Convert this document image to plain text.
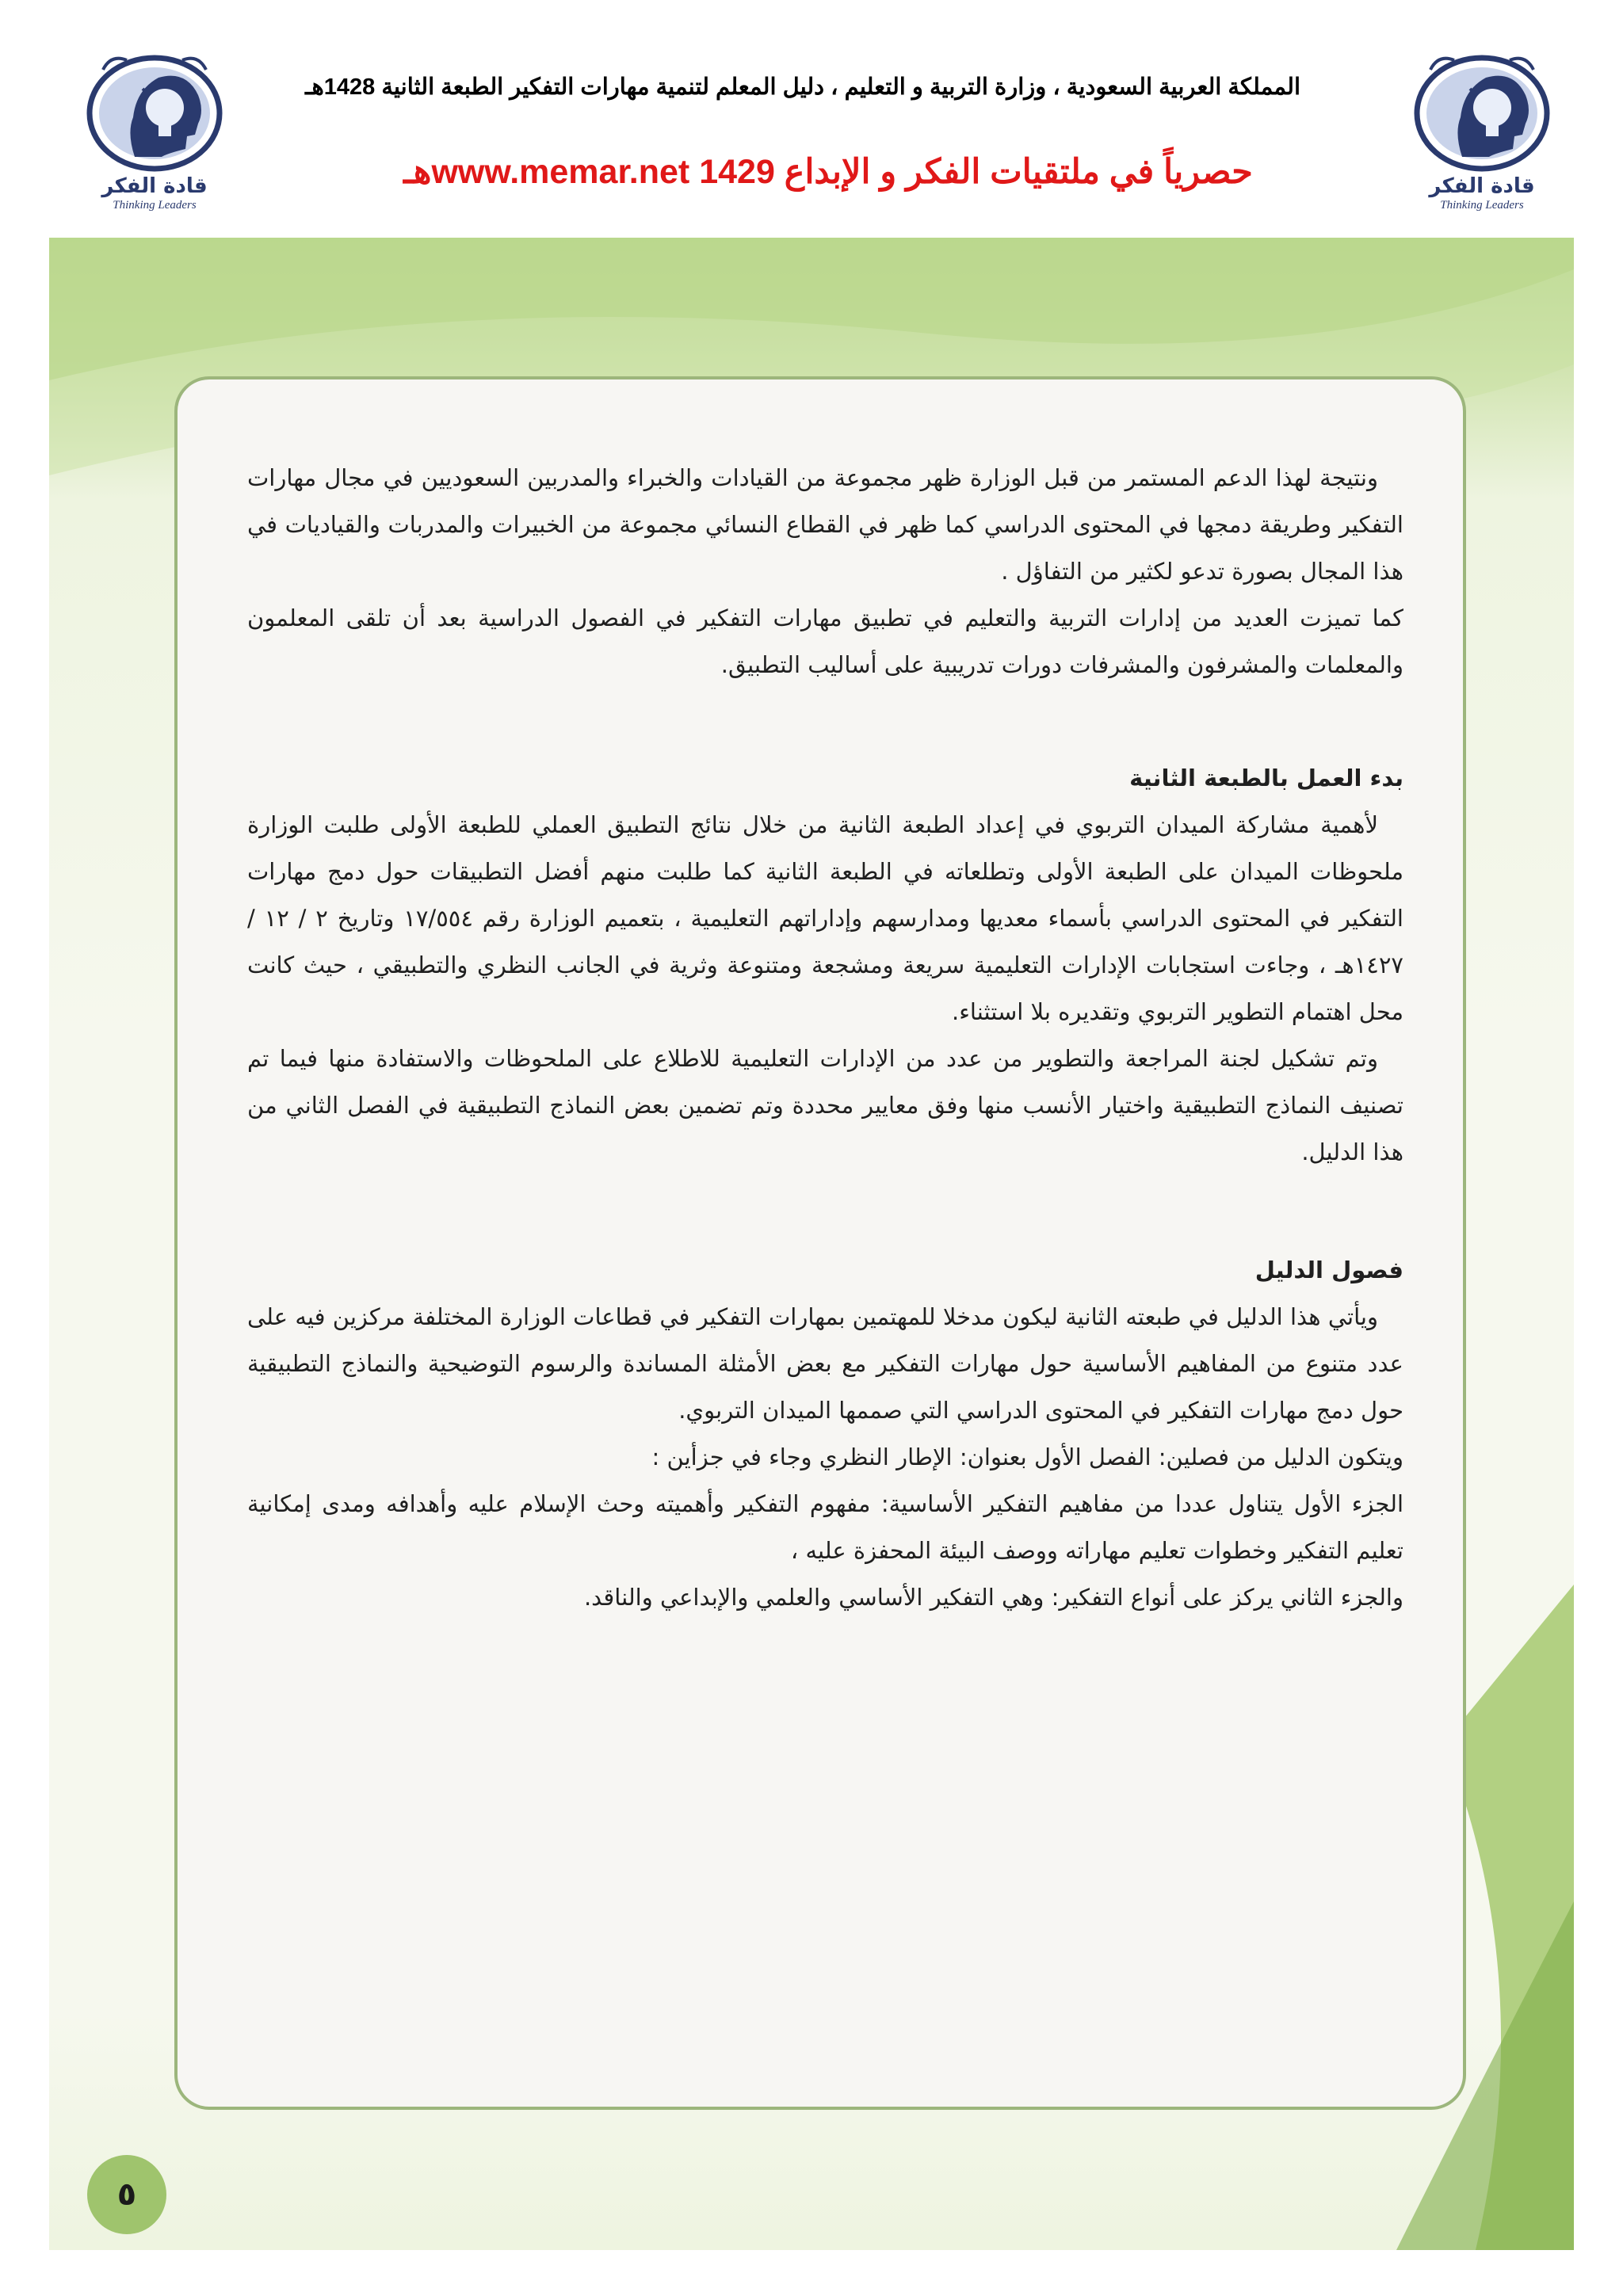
قادة الفكر
Thinking Leaders
قادة الفكر
Thinking Leaders
المملكة العربية السعودية ، وزارة التربية و التعليم ، دليل المعلم لتنمية مهارات التفكير الطبعة الثانية 1428هـ
حصرياً في ملتقيات الفكر و الإبداع www.memar.net 1429هـ

ونتيجة لهذا الدعم المستمر من قبل الوزارة ظهر مجموعة من القيادات والخبراء والمدربين السعوديين في مجال مهارات التفكير وطريقة دمجها في المحتوى الدراسي كما ظهر في القطاع النسائي مجموعة من الخبيرات والمدربات والقياديات في هذا المجال بصورة تدعو لكثير من التفاؤل .

كما تميزت العديد من إدارات التربية والتعليم في تطبيق مهارات التفكير في الفصول الدراسية بعد أن تلقى المعلمون والمعلمات والمشرفون والمشرفات دورات تدريبية على أساليب التطبيق.

بدء العمل بالطبعة الثانية

لأهمية مشاركة الميدان التربوي في إعداد الطبعة الثانية من خلال نتائج التطبيق العملي للطبعة الأولى طلبت الوزارة ملحوظات الميدان على الطبعة الأولى وتطلعاته في الطبعة الثانية كما طلبت منهم أفضل التطبيقات حول دمج مهارات التفكير في المحتوى الدراسي بأسماء معديها ومدارسهم وإداراتهم التعليمية ، بتعميم الوزارة رقم ١٧/٥٥٤ وتاريخ ٢ / ١٢ /١٤٢٧هـ ، وجاءت استجابات الإدارات التعليمية سريعة ومشجعة ومتنوعة وثرية في الجانب النظري والتطبيقي ، حيث كانت محل اهتمام التطوير التربوي وتقديره بلا استثناء.

وتم تشكيل لجنة المراجعة والتطوير من عدد من الإدارات التعليمية للاطلاع على الملحوظات والاستفادة منها فيما تم تصنيف النماذج التطبيقية واختيار الأنسب منها وفق معايير محددة وتم تضمين بعض النماذج التطبيقية في الفصل الثاني من هذا الدليل.

فصول الدليل

ويأتي هذا الدليل في طبعته الثانية ليكون مدخلا للمهتمين بمهارات التفكير في قطاعات الوزارة المختلفة مركزين فيه على عدد متنوع من المفاهيم الأساسية حول مهارات التفكير مع بعض الأمثلة المساندة والرسوم التوضيحية والنماذج التطبيقية حول دمج مهارات التفكير في المحتوى الدراسي التي صممها الميدان التربوي.

ويتكون الدليل من فصلين: الفصل الأول بعنوان: الإطار النظري وجاء في جزأين :

الجزء الأول يتناول عددا من مفاهيم التفكير الأساسية: مفهوم التفكير وأهميته وحث الإسلام عليه وأهدافه ومدى إمكانية تعليم التفكير وخطوات تعليم مهاراته ووصف البيئة المحفزة عليه ،

والجزء الثاني يركز على أنواع التفكير: وهي التفكير الأساسي والعلمي والإبداعي والناقد.

٥
